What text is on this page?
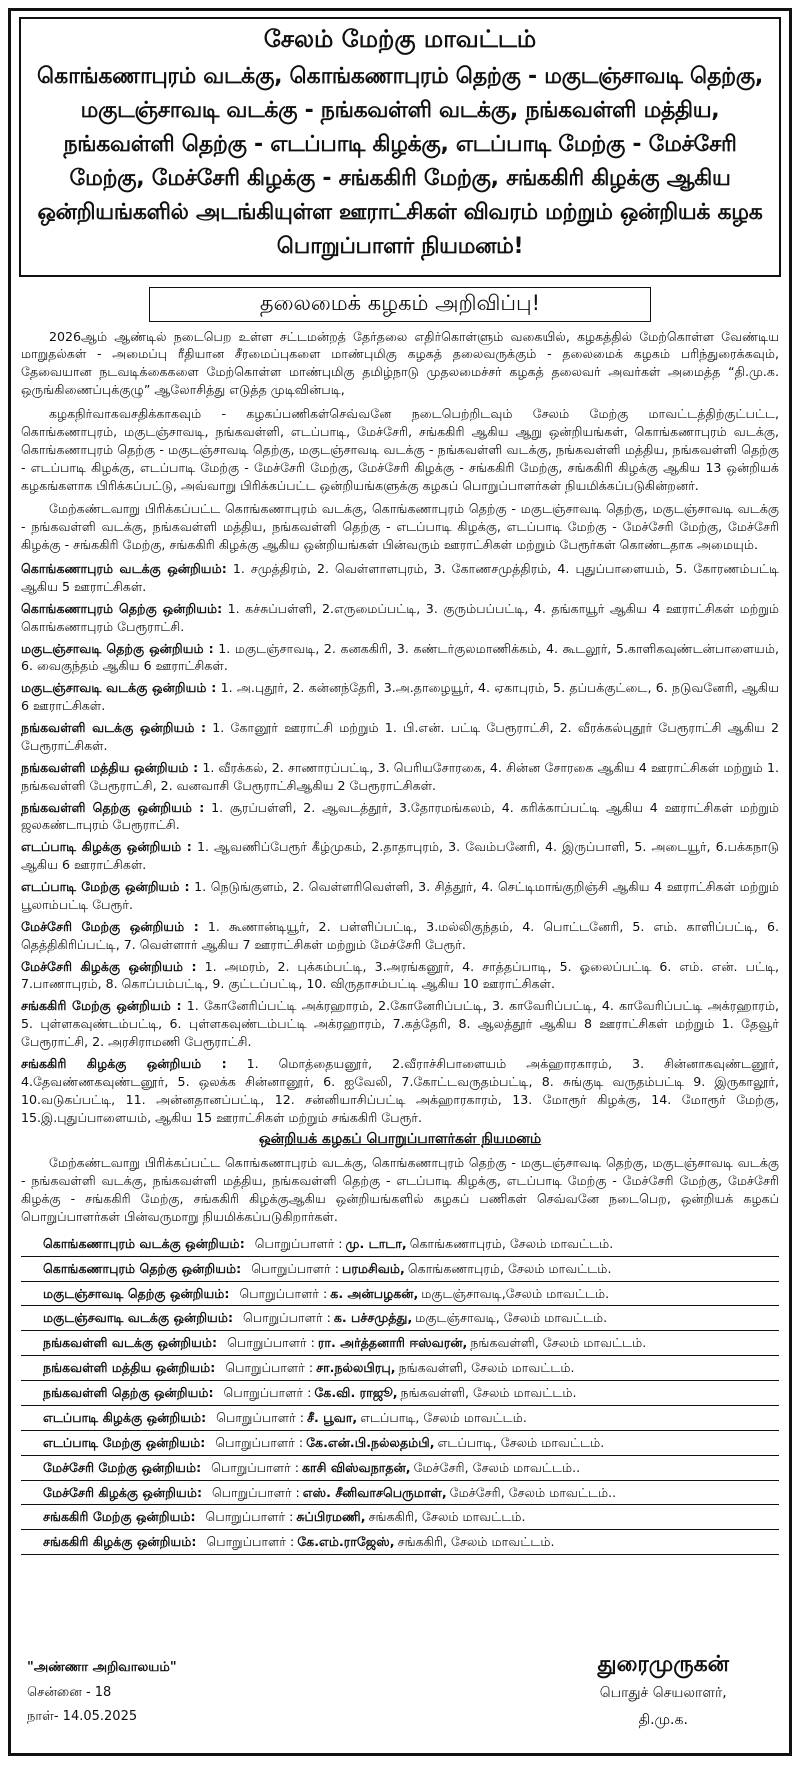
சேலம் மேற்கு மாவட்டம்
கொங்கணாபுரம் வடக்கு, கொங்கணாபுரம் தெற்கு - மகுடஞ்சாவடி தெற்கு, மகுடஞ்சாவடி வடக்கு - நங்கவள்ளி வடக்கு, நங்கவள்ளி மத்திய, நங்கவள்ளி தெற்கு - எடப்பாடி கிழக்கு, எடப்பாடி மேற்கு - மேச்சேரி மேற்கு, மேச்சேரி கிழக்கு - சங்ககிரி மேற்கு, சங்ககிரி கிழக்கு ஆகிய ஒன்றியங்களில் அடங்கியுள்ள ஊராட்சிகள் விவரம் மற்றும் ஒன்றியக் கழக பொறுப்பாளர் நியமனம்!
தலைமைக் கழகம் அறிவிப்பு!

2026ஆம் ஆண்டில் நடைபெற உள்ள சட்டமன்றத் தேர்தலை எதிர்கொள்ளும் வகையில், கழகத்தில் மேற்கொள்ள வேண்டிய மாறுதல்கள் - அமைப்பு ரீதியான சீரமைப்புகளை மாண்புமிகு கழகத் தலைவருக்கும் - தலைமைக் கழகம் பரிந்துரைக்கவும், தேவையான நடவடிக்கைகளை மேற்கொள்ள மாண்புமிகு தமிழ்நாடு முதலமைச்சர் கழகத் தலைவர் அவர்கள் அமைத்த “தி.மு.க. ஒருங்கிணைப்புக்குழு” ஆலோசித்து எடுத்த முடிவின்படி,

கழகநிர்வாகவசதிக்காகவும் - கழகப்பணிகள்செவ்வனே நடைபெற்றிடவும் சேலம் மேற்கு மாவட்டத்திற்குட்பட்ட, கொங்கணாபுரம், மகுடஞ்சாவடி, நங்கவள்ளி, எடப்பாடி, மேச்சேரி, சங்ககிரி ஆகிய ஆறு ஒன்றியங்கள், கொங்கணாபுரம் வடக்கு, கொங்கணாபுரம் தெற்கு - மகுடஞ்சாவடி தெற்கு, மகுடஞ்சாவடி வடக்கு - நங்கவள்ளி வடக்கு, நங்கவள்ளி மத்திய, நங்கவள்ளி தெற்கு - எடப்பாடி கிழக்கு, எடப்பாடி மேற்கு - மேச்சேரி மேற்கு, மேச்சேரி கிழக்கு - சங்ககிரி மேற்கு, சங்ககிரி கிழக்கு ஆகிய 13 ஒன்றியக் கழகங்களாக பிரிக்கப்பட்டு, அவ்வாறு பிரிக்கப்பட்ட ஒன்றியங்களுக்கு கழகப் பொறுப்பாளர்கள் நியமிக்கப்படுகின்றனர்.

மேற்கண்டவாறு பிரிக்கப்பட்ட கொங்கணாபுரம் வடக்கு, கொங்கணாபுரம் தெற்கு - மகுடஞ்சாவடி தெற்கு, மகுடஞ்சாவடி வடக்கு - நங்கவள்ளி வடக்கு, நங்கவள்ளி மத்திய, நங்கவள்ளி தெற்கு - எடப்பாடி கிழக்கு, எடப்பாடி மேற்கு - மேச்சேரி மேற்கு, மேச்சேரி கிழக்கு - சங்ககிரி மேற்கு, சங்ககிரி கிழக்கு ஆகிய ஒன்றியங்கள் பின்வரும் ஊராட்சிகள் மற்றும் பேரூர்கள் கொண்டதாக அமையும்.

கொங்கணாபுரம் வடக்கு ஒன்றியம்: 1. சமுத்திரம், 2. வெள்ளாளபுரம், 3. கோணசமுத்திரம், 4. புதுப்பாளையம், 5. கோரணம்பட்டி ஆகிய 5 ஊராட்சிகள்.
கொங்கணாபுரம் தெற்கு ஒன்றியம்: 1. கச்சுப்பள்ளி, 2.எருமைப்பட்டி, 3. குரும்பப்பட்டி, 4. தங்காயூர் ஆகிய 4 ஊராட்சிகள் மற்றும் கொங்கணாபுரம் பேரூராட்சி.
மகுடஞ்சாவடி தெற்கு ஒன்றியம் : 1. மகுடஞ்சாவடி, 2. கனககிரி, 3. கண்டர்குலமாணிக்கம், 4. கூடலூர், 5.காளிகவுண்டன்பாளையம், 6. வைகுந்தம் ஆகிய 6 ஊராட்சிகள்.
மகுடஞ்சாவடி வடக்கு ஒன்றியம் : 1. அ.புதூர், 2. கன்னந்தேரி, 3.அ.தாழையூர், 4. ஏகாபுரம், 5. தப்பக்குட்டை, 6. நடுவனேரி, ஆகிய 6 ஊராட்சிகள்.
நங்கவள்ளி வடக்கு ஒன்றியம் : 1. கோனூர் ஊராட்சி மற்றும் 1. பி.என். பட்டி பேரூராட்சி, 2. வீரக்கல்புதூர் பேரூராட்சி ஆகிய 2 பேரூராட்சிகள்.
நங்கவள்ளி மத்திய ஒன்றியம் : 1. வீரக்கல், 2. சாணாரப்பட்டி, 3. பெரியசோரகை, 4. சின்ன சோரகை ஆகிய 4 ஊராட்சிகள் மற்றும் 1. நங்கவள்ளி பேரூராட்சி, 2. வனவாசி பேரூராட்சிஆகிய 2 பேரூராட்சிகள்.
நங்கவள்ளி தெற்கு ஒன்றியம் : 1. சூரப்பள்ளி, 2. ஆவடத்தூர், 3.தோரமங்கலம், 4. கரிக்காப்பட்டி ஆகிய 4 ஊராட்சிகள் மற்றும் ஜலகண்டாபுரம் பேரூராட்சி.
எடப்பாடி கிழக்கு ஒன்றியம் : 1. ஆவணிப்பேரூர் கீழ்முகம், 2.தாதாபுரம், 3. வேம்பனேரி, 4. இருப்பாளி, 5. அடையூர், 6.பக்கநாடு ஆகிய 6 ஊராட்சிகள்.
எடப்பாடி மேற்கு ஒன்றியம் : 1. நெடுங்குளம், 2. வெள்ளரிவெள்ளி, 3. சித்தூர், 4. செட்டிமாங்குறிஞ்சி ஆகிய 4 ஊராட்சிகள் மற்றும் பூலாம்பட்டி பேரூர்.
மேச்சேரி மேற்கு ஒன்றியம் : 1. கூணான்டியூர், 2. பள்ளிப்பட்டி, 3.மல்லிகுந்தம், 4. பொட்டனேரி, 5. எம். காளிப்பட்டி, 6. தெத்திகிரிப்பட்டி, 7. வெள்ளார் ஆகிய 7 ஊராட்சிகள் மற்றும் மேச்சேரி பேரூர்.
மேச்சேரி கிழக்கு ஒன்றியம் : 1. அமரம், 2. புக்கம்பட்டி, 3.அரங்கனூர், 4. சாத்தப்பாடி, 5. ஓலைப்பட்டி 6. எம். என். பட்டி, 7.பாணாபுரம், 8. கொப்பம்பட்டி, 9. குட்டப்பட்டி, 10. விருதாசம்பட்டி ஆகிய 10 ஊராட்சிகள்.
சங்ககிரி மேற்கு ஒன்றியம் : 1. கோனேரிப்பட்டி அக்ரஹாரம், 2.கோனேரிப்பட்டி, 3. காவேரிப்பட்டி, 4. காவேரிப்பட்டி அக்ரஹாரம், 5. புள்ளகவுண்டம்பட்டி, 6. புள்ளகவுண்டம்பட்டி அக்ரஹாரம், 7.கத்தேரி, 8. ஆலத்தூர் ஆகிய 8 ஊராட்சிகள் மற்றும் 1. தேவூர் பேரூராட்சி, 2. அரசிராமணி பேரூராட்சி.
சங்ககிரி கிழக்கு ஒன்றியம் : 1. மொத்தையனூர், 2.வீராச்சிபாளையம் அக்ஹாரகாரம், 3. சின்னாகவுண்டனூர், 4.தேவண்ணகவுண்டனூர், 5. ஒலக்க சின்னானூர், 6. ஐவேலி, 7.கோட்டவருதம்பட்டி, 8. சுங்குடி வருதம்பட்டி 9. இருகாலூர், 10.வடுகப்பட்டி, 11. அன்னதானப்பட்டி, 12. சன்னியாசிப்பட்டி அக்ஹாரகாரம், 13. மோரூர் கிழக்கு, 14. மோரூர் மேற்கு, 15.இ.புதுப்பாளையம், ஆகிய 15 ஊராட்சிகள் மற்றும் சங்ககிரி பேரூர்.
ஒன்றியக் கழகப் பொறுப்பாளர்கள் நியமனம்

மேற்கண்டவாறு பிரிக்கப்பட்ட கொங்கணாபுரம் வடக்கு, கொங்கணாபுரம் தெற்கு - மகுடஞ்சாவடி தெற்கு, மகுடஞ்சாவடி வடக்கு - நங்கவள்ளி வடக்கு, நங்கவள்ளி மத்திய, நங்கவள்ளி தெற்கு - எடப்பாடி கிழக்கு, எடப்பாடி மேற்கு - மேச்சேரி மேற்கு, மேச்சேரி கிழக்கு - சங்ககிரி மேற்கு, சங்ககிரி கிழக்குஆகிய ஒன்றியங்களில் கழகப் பணிகள் செவ்வனே நடைபெற, ஒன்றியக் கழகப் பொறுப்பாளர்கள் பின்வருமாறு நியமிக்கப்படுகிறார்கள்.

கொங்கணாபுரம் வடக்கு ஒன்றியம்: பொறுப்பாளர் : மு. டாடா, கொங்கணாபுரம், சேலம் மாவட்டம்.
கொங்கணாபுரம் தெற்கு ஒன்றியம்: பொறுப்பாளர் : பரமசிவம், கொங்கணாபுரம், சேலம் மாவட்டம்.
மகுடஞ்சாவடி தெற்கு ஒன்றியம்: பொறுப்பாளர் : க. அன்பழகன், மகுடஞ்சாவடி,சேலம் மாவட்டம்.
மகுடஞ்சவாடி வடக்கு ஒன்றியம்: பொறுப்பாளர் : க. பச்சமுத்து, மகுடஞ்சாவடி, சேலம் மாவட்டம்.
நங்கவள்ளி வடக்கு ஒன்றியம்: பொறுப்பாளர் : ரா. அர்த்தனாரி ஈஸ்வரன், நங்கவள்ளி, சேலம் மாவட்டம்.
நங்கவள்ளி மத்திய ஒன்றியம்: பொறுப்பாளர் : சா.நல்லபிரபு, நங்கவள்ளி, சேலம் மாவட்டம்.
நங்கவள்ளி தெற்கு ஒன்றியம்: பொறுப்பாளர் : கே.வி. ராஜூ, நங்கவள்ளி, சேலம் மாவட்டம்.
எடப்பாடி கிழக்கு ஒன்றியம்: பொறுப்பாளர் : சீ. பூவா, எடப்பாடி, சேலம் மாவட்டம்.
எடப்பாடி மேற்கு ஒன்றியம்: பொறுப்பாளர் : கே.என்.பி.நல்லதம்பி, எடப்பாடி, சேலம் மாவட்டம்.
மேச்சேரி மேற்கு ஒன்றியம்: பொறுப்பாளர் : காசி விஸ்வநாதன், மேச்சேரி, சேலம் மாவட்டம்..
மேச்சேரி கிழக்கு ஒன்றியம்: பொறுப்பாளர் : எஸ். சீனிவாசபெருமாள், மேச்சேரி, சேலம் மாவட்டம்..
சங்ககிரி மேற்கு ஒன்றியம்: பொறுப்பாளர் : சுப்பிரமணி, சங்ககிரி, சேலம் மாவட்டம்.
சங்ககிரி கிழக்கு ஒன்றியம்: பொறுப்பாளர் : கே.எம்.ராஜேஸ், சங்ககிரி, சேலம் மாவட்டம்.
"அண்ணா அறிவாலயம்"
சென்னை - 18
நாள்- 14.05.2025
துரைமுருகன்
பொதுச் செயலாளர்,
தி.மு.க.
